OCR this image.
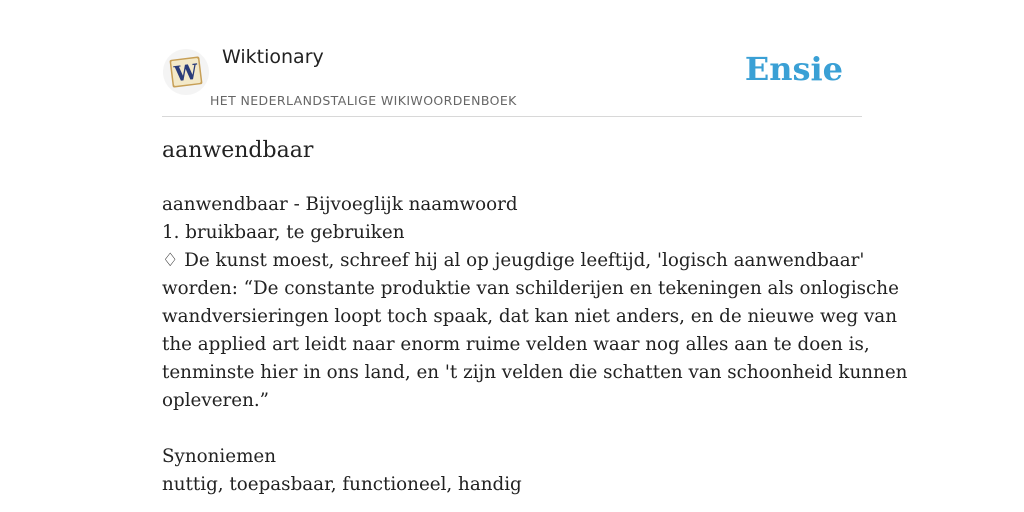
W
Wiktionary
HET NEDERLANDSTALIGE WIKIWOORDENBOEK
Ensie
aanwendbaar
aanwendbaar - Bijvoeglijk naamwoord
1. bruikbaar, te gebruiken
♢ De kunst moest, schreef hij al op jeugdige leeftijd, 'logisch aanwendbaar'
worden: “De constante produktie van schilderijen en tekeningen als onlogische
wandversieringen loopt toch spaak, dat kan niet anders, en de nieuwe weg van
the applied art leidt naar enorm ruime velden waar nog alles aan te doen is,
tenminste hier in ons land, en 't zijn velden die schatten van schoonheid kunnen
opleveren.”
Synoniemen
nuttig, toepasbaar, functioneel, handig
